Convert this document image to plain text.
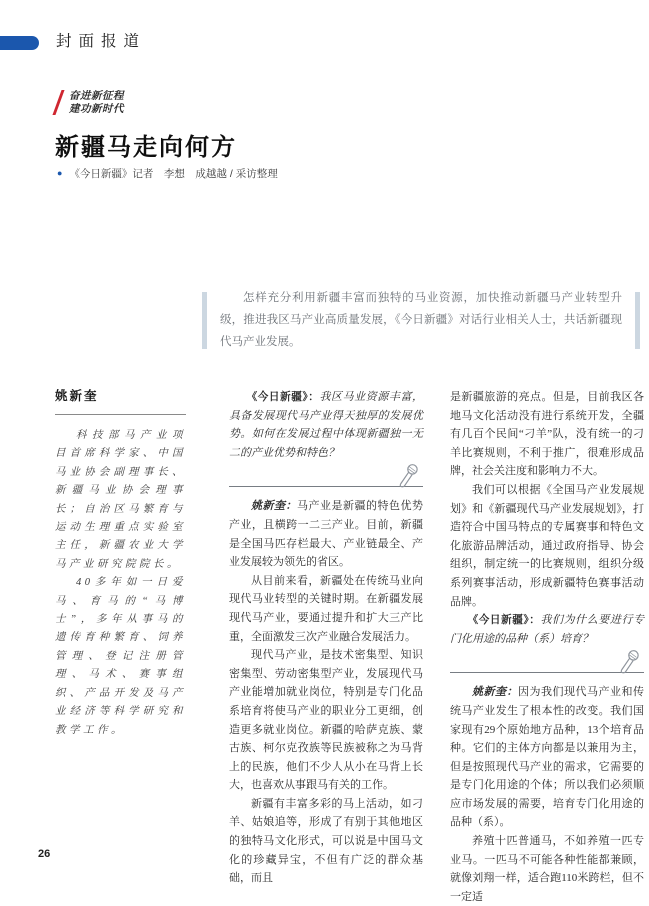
封面报道
奋进新征程
建功新时代
新疆马走向何方
● 《今日新疆》记者　李想　成越越 / 采访整理

怎样充分利用新疆丰富而独特的马业资源，加快推动新疆马产业转型升级，推进我区马产业高质量发展，《今日新疆》对话行业相关人士，共话新疆现代马产业发展。

姚新奎

科技部马产业项目首席科学家、中国马业协会副理事长、新疆马业协会理事长；自治区马繁育与运动生理重点实验室主任，新疆农业大学马产业研究院院长。

40多年如一日爱马、育马的“马博士”，多年从事马的遗传育种繁育、饲养管理、登记注册管理、马术、赛事组织、产品开发及马产业经济等科学研究和教学工作。

《今日新疆》：我区马业资源丰富，具备发展现代马产业得天独厚的发展优势。如何在发展过程中体现新疆独一无二的产业优势和特色？

姚新奎：马产业是新疆的特色优势产业，且横跨一二三产业。目前，新疆是全国马匹存栏最大、产业链最全、产业发展较为领先的省区。

从目前来看，新疆处在传统马业向现代马业转型的关键时期。在新疆发展现代马产业，要通过提升和扩大三产比重，全面激发三次产业融合发展活力。

现代马产业，是技术密集型、知识密集型、劳动密集型产业，发展现代马产业能增加就业岗位，特别是专门化品系培育将使马产业的职业分工更细，创造更多就业岗位。新疆的哈萨克族、蒙古族、柯尔克孜族等民族被称之为马背上的民族，他们不少人从小在马背上长大，也喜欢从事跟马有关的工作。

新疆有丰富多彩的马上活动，如刁羊、姑娘追等，形成了有别于其他地区的独特马文化形式，可以说是中国马文化的珍藏异宝，不但有广泛的群众基础，而且

是新疆旅游的亮点。但是，目前我区各地马文化活动没有进行系统开发，全疆有几百个民间“刁羊”队，没有统一的刁羊比赛规则，不利于推广，很难形成品牌，社会关注度和影响力不大。

我们可以根据《全国马产业发展规划》和《新疆现代马产业发展规划》，打造符合中国马特点的专属赛事和特色文化旅游品牌活动，通过政府指导、协会组织，制定统一的比赛规则，组织分级系列赛事活动，形成新疆特色赛事活动品牌。

《今日新疆》：我们为什么要进行专门化用途的品种（系）培育？

姚新奎：因为我们现代马产业和传统马产业发生了根本性的改变。我们国家现有29个原始地方品种，13个培育品种。它们的主体方向都是以兼用为主，但是按照现代马产业的需求，它需要的是专门化用途的个体；所以我们必须顺应市场发展的需要，培育专门化用途的品种（系）。

养殖十匹普通马，不如养殖一匹专业马。一匹马不可能各种性能都兼顾，就像刘翔一样，适合跑110米跨栏，但不一定适

26
